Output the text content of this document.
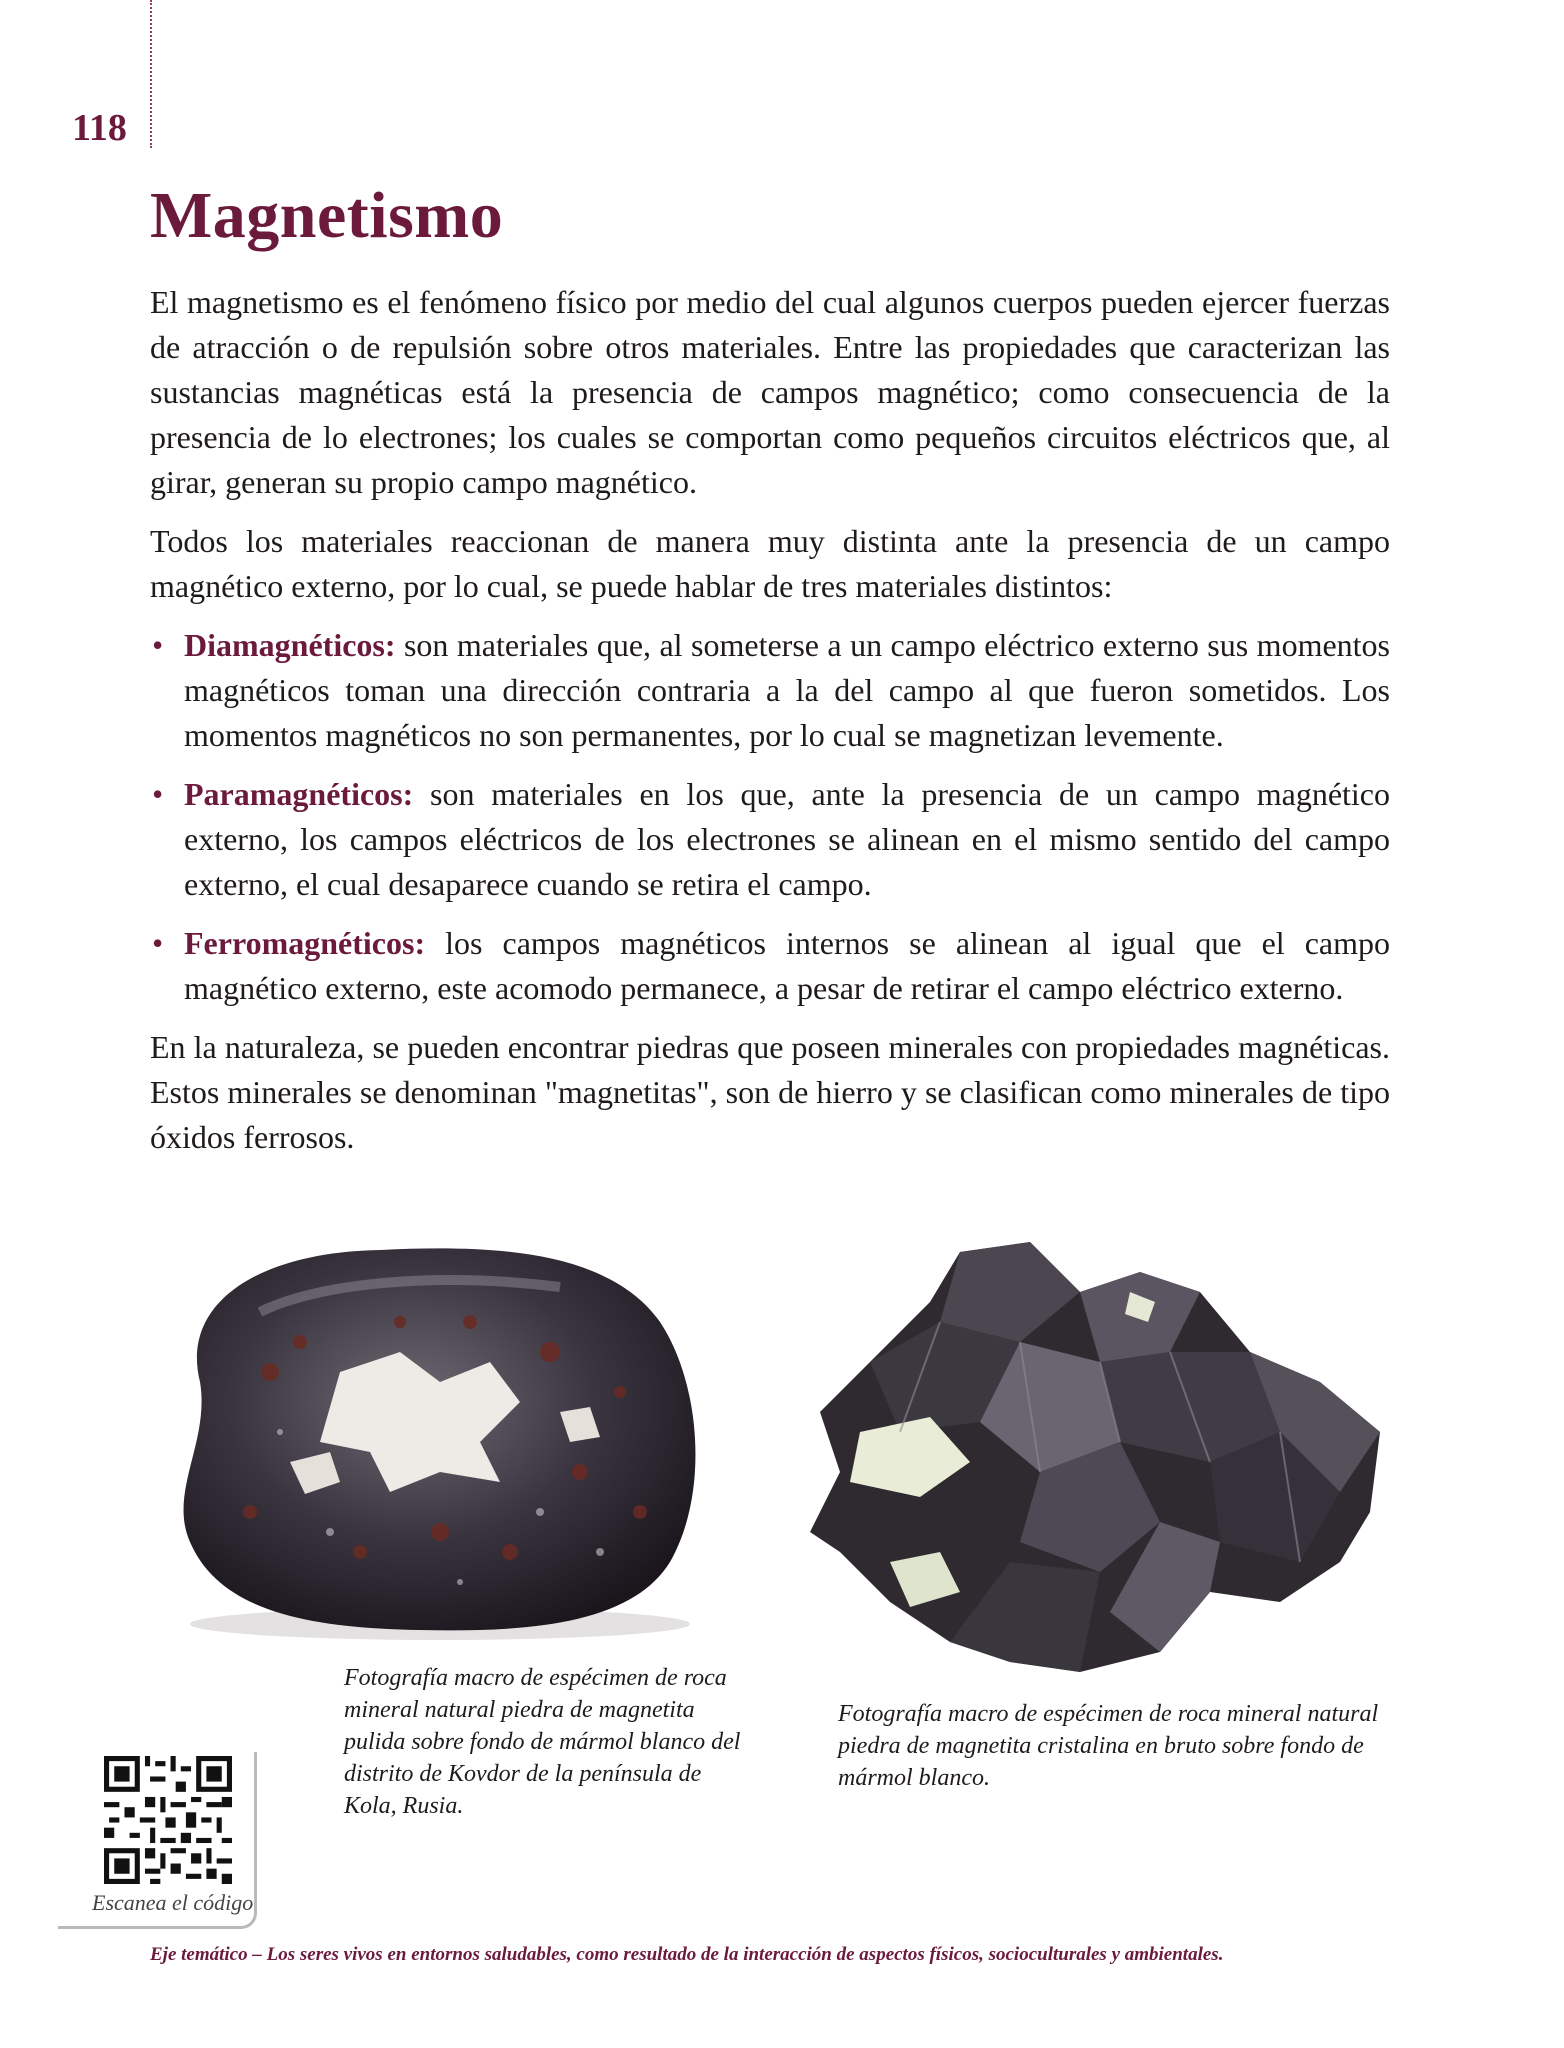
118
Magnetismo

El magnetismo es el fenómeno físico por medio del cual algunos cuerpos pueden ejercer fuerzas de atracción o de repulsión sobre otros materiales. Entre las propiedades que caracterizan las sustancias magnéticas está la presencia de campos magnético; como consecuencia de la presencia de lo electrones; los cuales se comportan como pequeños circuitos eléctricos que, al girar, generan su propio campo magnético.

Todos los materiales reaccionan de manera muy distinta ante la presencia de un campo magnético externo, por lo cual, se puede hablar de tres materiales distintos:

• Diamagnéticos: son materiales que, al someterse a un campo eléctrico externo sus momentos magnéticos toman una dirección contraria a la del campo al que fueron sometidos. Los momentos magnéticos no son permanentes, por lo cual se magnetizan levemente.
• Paramagnéticos: son materiales en los que, ante la presencia de un campo magnético externo, los campos eléctricos de los electrones se alinean en el mismo sentido del campo externo, el cual desaparece cuando se retira el campo.
• Ferromagnéticos: los campos magnéticos internos se alinean al igual que el campo magnético externo, este acomodo permanece, a pesar de retirar el campo eléctrico externo.

En la naturaleza, se pueden encontrar piedras que poseen minerales con propiedades magnéticas. Estos minerales se denominan "magnetitas", son de hierro y se clasifican como minerales de tipo óxidos ferrosos.

Fotografía macro de espécimen de roca mineral natural piedra de magnetita pulida sobre fondo de mármol blanco del distrito de Kovdor de la península de Kola, Rusia.
Fotografía macro de espécimen de roca mineral natural piedra de magnetita cristalina en bruto sobre fondo de mármol blanco.
Escanea el código
Eje temático – Los seres vivos en entornos saludables, como resultado de la interacción de aspectos físicos, socioculturales y ambientales.
